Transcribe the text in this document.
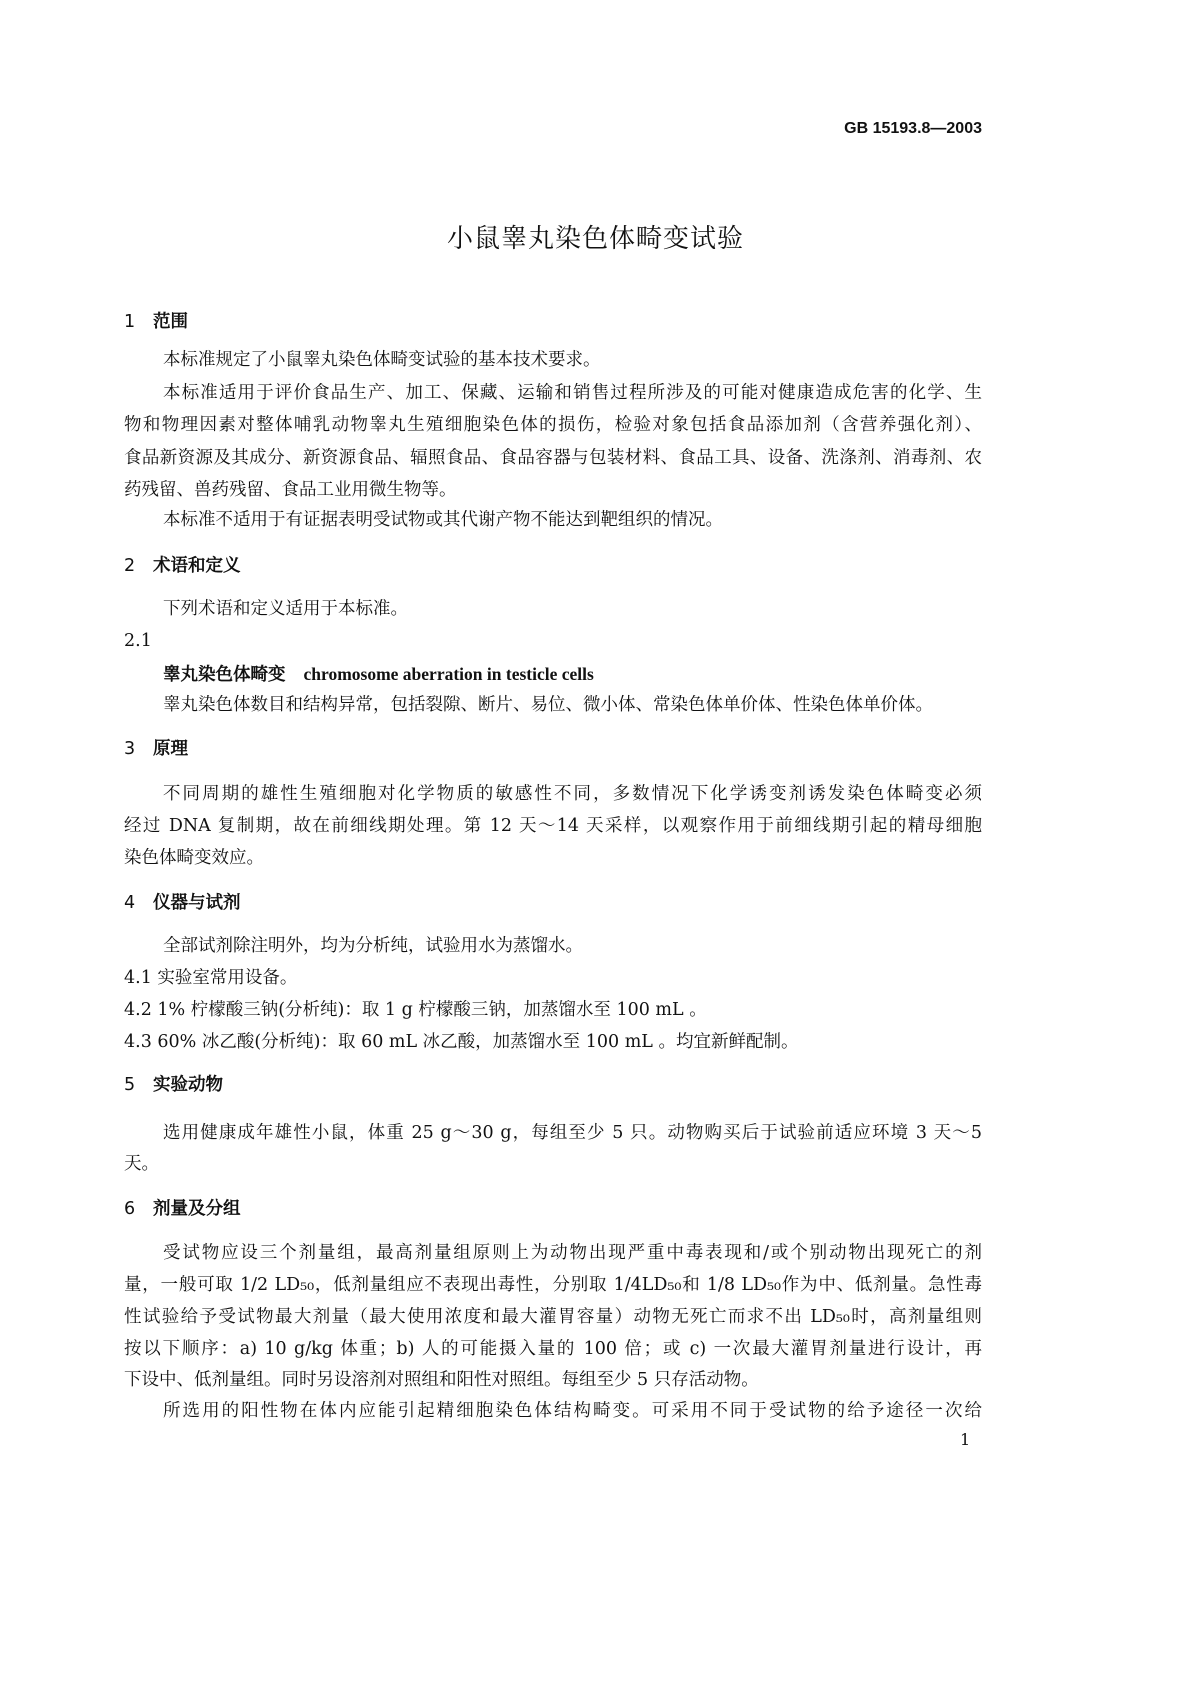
GB 15193.8—2003
小鼠睾丸染色体畸变试验
1 范围
本标准规定了小鼠睾丸染色体畸变试验的基本技术要求。
本标准适用于评价食品生产、加工、保藏、运输和销售过程所涉及的可能对健康造成危害的化学、生
物和物理因素对整体哺乳动物睾丸生殖细胞染色体的损伤，检验对象包括食品添加剂（含营养强化剂）、
食品新资源及其成分、新资源食品、辐照食品、食品容器与包装材料、食品工具、设备、洗涤剂、消毒剂、农
药残留、兽药残留、食品工业用微生物等。
本标准不适用于有证据表明受试物或其代谢产物不能达到靶组织的情况。
2 术语和定义
下列术语和定义适用于本标准。
2.1
睾丸染色体畸变 chromosome aberration in testicle cells
睾丸染色体数目和结构异常，包括裂隙、断片、易位、微小体、常染色体单价体、性染色体单价体。
3 原理
不同周期的雄性生殖细胞对化学物质的敏感性不同，多数情况下化学诱变剂诱发染色体畸变必须
经过 DNA 复制期，故在前细线期处理。第 12 天～14 天采样，以观察作用于前细线期引起的精母细胞
染色体畸变效应。
4 仪器与试剂
全部试剂除注明外，均为分析纯，试验用水为蒸馏水。
4.1 实验室常用设备。
4.2 1% 柠檬酸三钠(分析纯)：取 1 g 柠檬酸三钠，加蒸馏水至 100 mL 。
4.3 60% 冰乙酸(分析纯)：取 60 mL 冰乙酸，加蒸馏水至 100 mL 。均宜新鲜配制。
5 实验动物
选用健康成年雄性小鼠，体重 25 g～30 g，每组至少 5 只。动物购买后于试验前适应环境 3 天～5
天。
6 剂量及分组
受试物应设三个剂量组，最高剂量组原则上为动物出现严重中毒表现和/或个别动物出现死亡的剂
量，一般可取 1/2 LD₅₀，低剂量组应不表现出毒性，分别取 1/4LD₅₀和 1/8 LD₅₀作为中、低剂量。急性毒
性试验给予受试物最大剂量（最大使用浓度和最大灌胃容量）动物无死亡而求不出 LD₅₀时，高剂量组则
按以下顺序：a) 10 g/kg 体重；b) 人的可能摄入量的 100 倍；或 c) 一次最大灌胃剂量进行设计，再
下设中、低剂量组。同时另设溶剂对照组和阳性对照组。每组至少 5 只存活动物。
所选用的阳性物在体内应能引起精细胞染色体结构畸变。可采用不同于受试物的给予途径一次给
1
